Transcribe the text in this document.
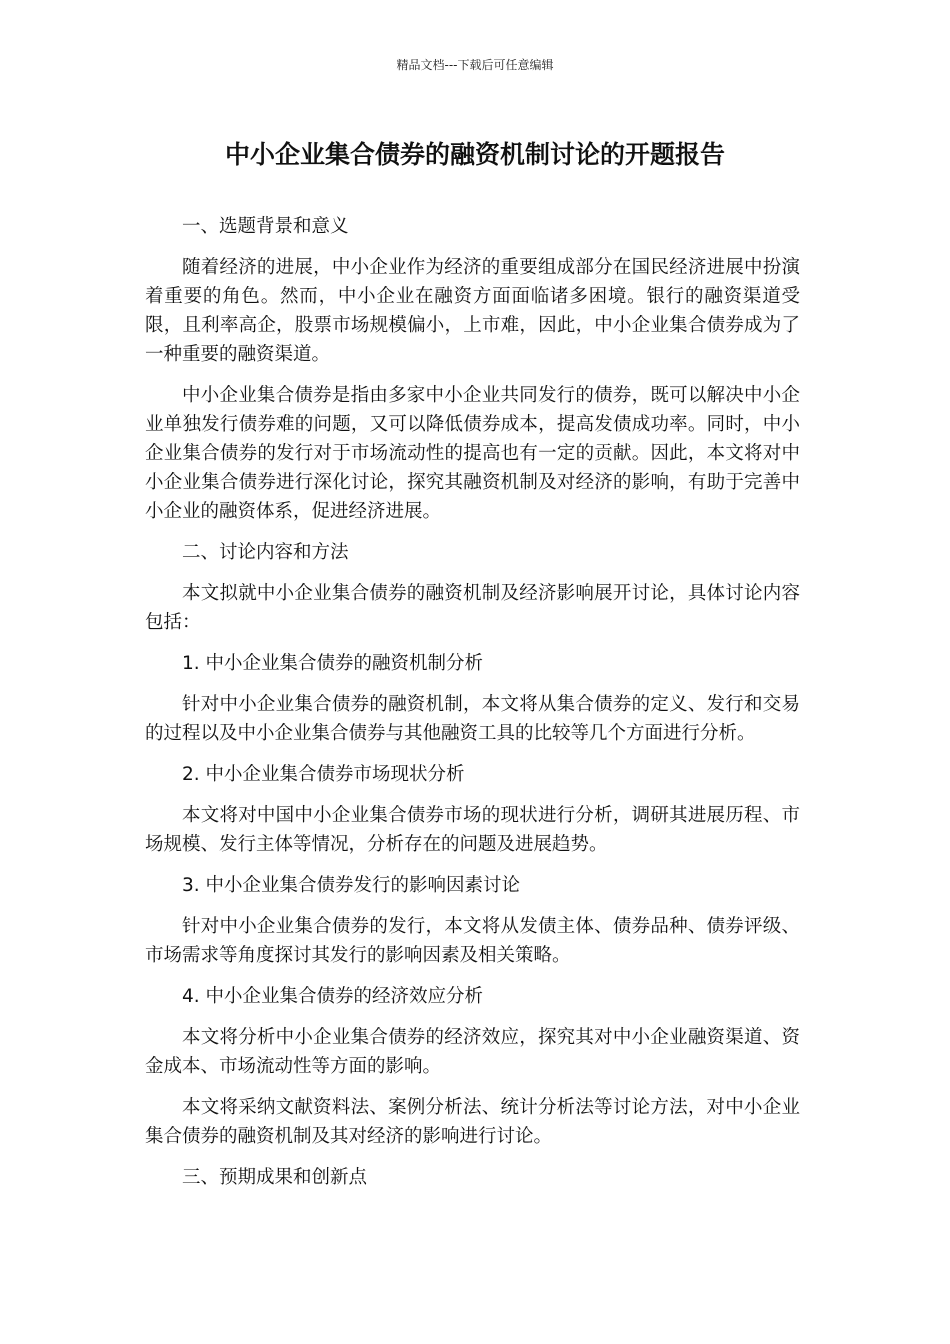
精品文档---下载后可任意编辑
中小企业集合债券的融资机制讨论的开题报告

一、选题背景和意义

随着经济的进展，中小企业作为经济的重要组成部分在国民经济进展中扮演着重要的角色。然而，中小企业在融资方面面临诸多困境。银行的融资渠道受限，且利率高企，股票市场规模偏小，上市难，因此，中小企业集合债券成为了一种重要的融资渠道。

中小企业集合债券是指由多家中小企业共同发行的债券，既可以解决中小企业单独发行债券难的问题，又可以降低债券成本，提高发债成功率。同时，中小企业集合债券的发行对于市场流动性的提高也有一定的贡献。因此，本文将对中小企业集合债券进行深化讨论，探究其融资机制及对经济的影响，有助于完善中小企业的融资体系，促进经济进展。

二、讨论内容和方法

本文拟就中小企业集合债券的融资机制及经济影响展开讨论，具体讨论内容包括：

1. 中小企业集合债券的融资机制分析

针对中小企业集合债券的融资机制，本文将从集合债券的定义、发行和交易的过程以及中小企业集合债券与其他融资工具的比较等几个方面进行分析。

2. 中小企业集合债券市场现状分析

本文将对中国中小企业集合债券市场的现状进行分析，调研其进展历程、市场规模、发行主体等情况，分析存在的问题及进展趋势。

3. 中小企业集合债券发行的影响因素讨论

针对中小企业集合债券的发行，本文将从发债主体、债券品种、债券评级、市场需求等角度探讨其发行的影响因素及相关策略。

4. 中小企业集合债券的经济效应分析

本文将分析中小企业集合债券的经济效应，探究其对中小企业融资渠道、资金成本、市场流动性等方面的影响。

本文将采纳文献资料法、案例分析法、统计分析法等讨论方法，对中小企业集合债券的融资机制及其对经济的影响进行讨论。

三、预期成果和创新点
